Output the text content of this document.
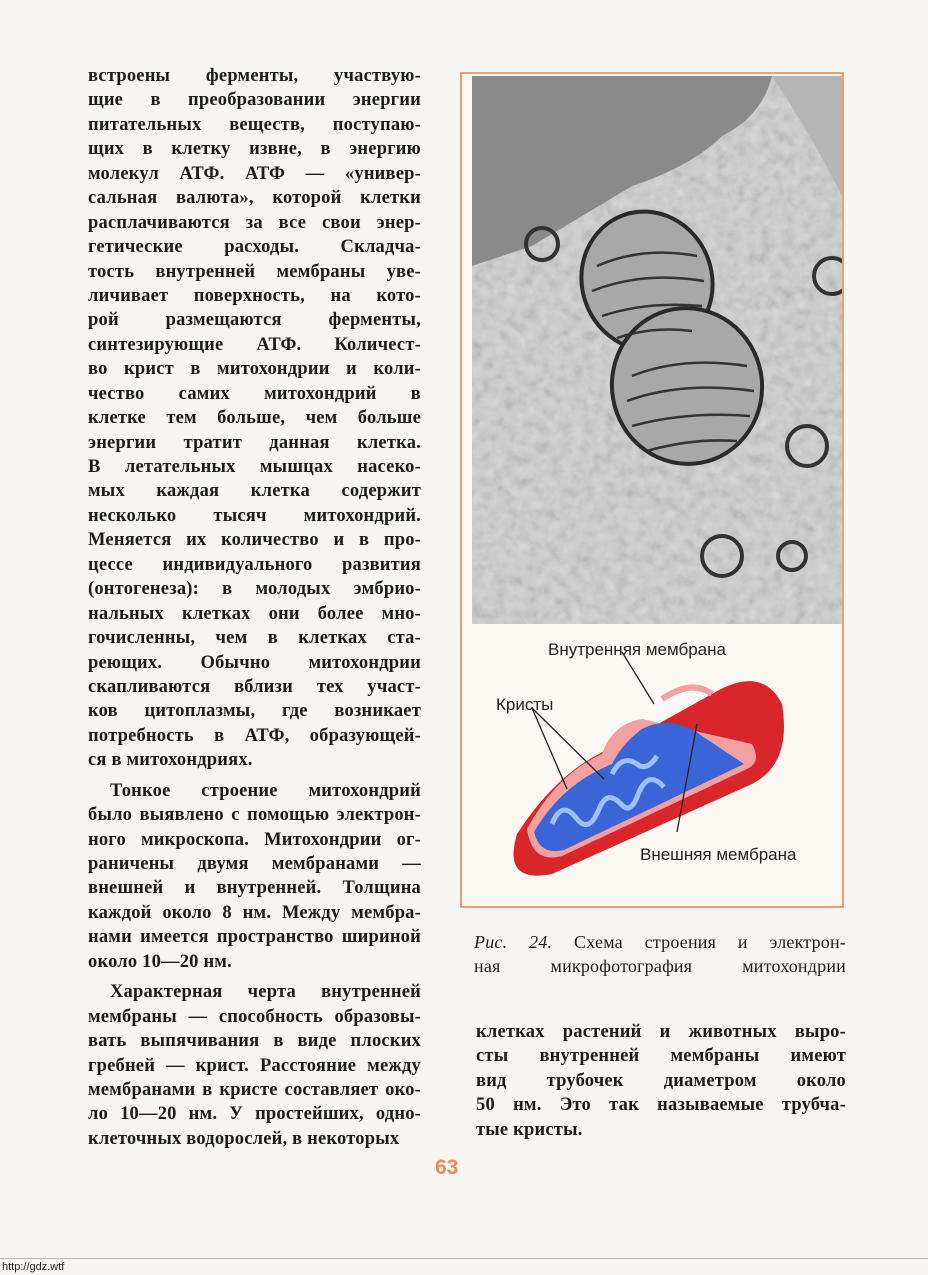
встроены ферменты, участвую-
щие в преобразовании энергии
питательных веществ, поступаю-
щих в клетку извне, в энергию
молекул АТФ. АТФ — «универ-
сальная валюта», которой клетки
расплачиваются за все свои энер-
гетические расходы. Складча-
тость внутренней мембраны уве-
личивает поверхность, на кото-
рой размещаются ферменты,
синтезирующие АТФ. Количест-
во крист в митохондрии и коли-
чество самих митохондрий в
клетке тем больше, чем больше
энергии тратит данная клетка.
В летательных мышцах насеко-
мых каждая клетка содержит
несколько тысяч митохондрий.
Меняется их количество и в про-
цессе индивидуального развития
(онтогенеза): в молодых эмбрио-
нальных клетках они более мно-
гочисленны, чем в клетках ста-
реющих. Обычно митохондрии
скапливаются вблизи тех участ-
ков цитоплазмы, где возникает
потребность в АТФ, образующей-
ся в митохондриях.
Тонкое строение митохондрий
было выявлено с помощью электрон-
ного микроскопа. Митохондрии ог-
раничены двумя мембранами —
внешней и внутренней. Толщина
каждой около 8 нм. Между мембра-
нами имеется пространство шириной
около 10—20 нм.
Характерная черта внутренней
мембраны — способность образовы-
вать выпячивания в виде плоских
гребней — крист. Расстояние между
мембранами в кристе составляет око-
ло 10—20 нм. У простейших, одно-
клеточных водорослей, в некоторых
Внутренняя мембрана
Кристы
Внешняя мембрана
Рис. 24. Схема строения и электрон-
ная микрофотография митохондрии
клетках растений и животных выро-
сты внутренней мембраны имеют
вид трубочек диаметром около
50 нм. Это так называемые трубча-
тые кристы.
63
http://gdz.wtf
